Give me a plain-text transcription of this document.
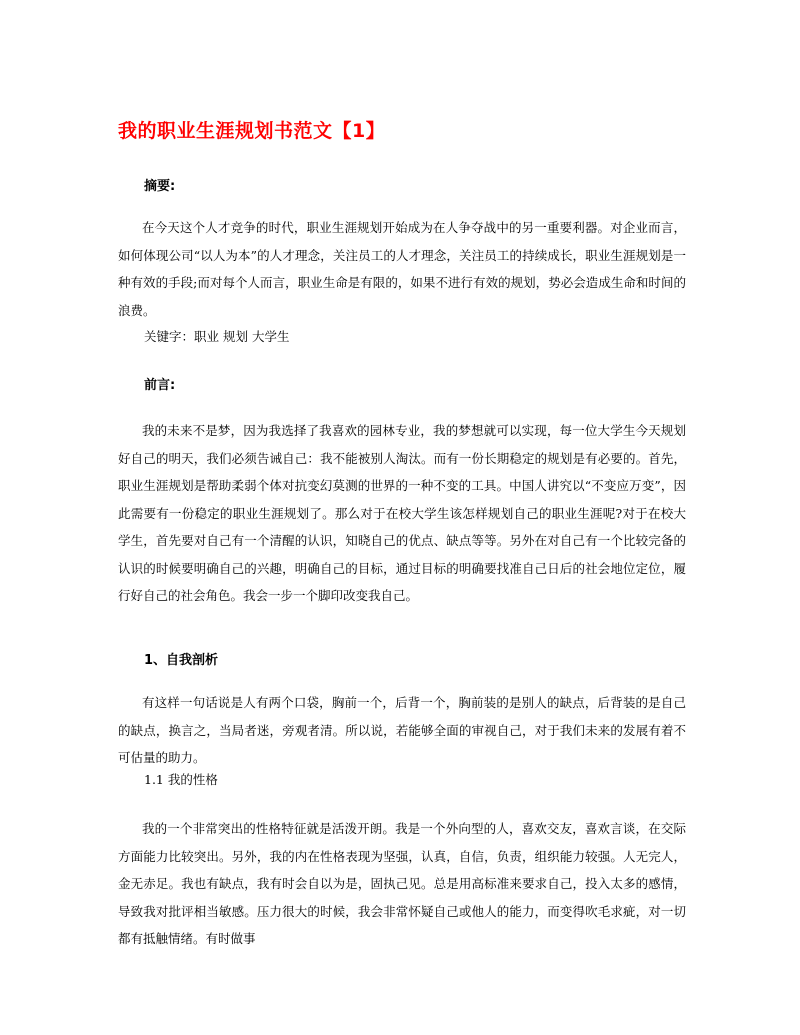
我的职业生涯规划书范文【1】

摘要:

在今天这个人才竞争的时代，职业生涯规划开始成为在人争夺战中的另一重要利器。对企业而言，如何体现公司“以人为本”的人才理念，关注员工的人才理念，关注员工的持续成长，职业生涯规划是一种有效的手段;而对每个人而言，职业生命是有限的，如果不进行有效的规划，势必会造成生命和时间的浪费。

关键字：职业 规划 大学生

前言:

我的未来不是梦，因为我选择了我喜欢的园林专业，我的梦想就可以实现，每一位大学生今天规划好自己的明天，我们必须告诫自己：我不能被别人淘汰。而有一份长期稳定的规划是有必要的。首先，职业生涯规划是帮助柔弱个体对抗变幻莫测的世界的一种不变的工具。中国人讲究以“不变应万变”，因此需要有一份稳定的职业生涯规划了。那么对于在校大学生该怎样规划自己的职业生涯呢?对于在校大学生，首先要对自己有一个清醒的认识，知晓自己的优点、缺点等等。另外在对自己有一个比较完备的认识的时候要明确自己的兴趣，明确自己的目标，通过目标的明确要找准自己日后的社会地位定位，履行好自己的社会角色。我会一步一个脚印改变我自己。

1、自我剖析

有这样一句话说是人有两个口袋，胸前一个，后背一个，胸前装的是别人的缺点，后背装的是自己的缺点，换言之，当局者迷，旁观者清。所以说，若能够全面的审视自己，对于我们未来的发展有着不可估量的助力。

1.1 我的性格

我的一个非常突出的性格特征就是活泼开朗。我是一个外向型的人，喜欢交友，喜欢言谈，在交际方面能力比较突出。另外，我的内在性格表现为坚强，认真，自信，负责，组织能力较强。人无完人，金无赤足。我也有缺点，我有时会自以为是，固执己见。总是用高标准来要求自己，投入太多的感情，导致我对批评相当敏感。压力很大的时候，我会非常怀疑自己或他人的能力，而变得吹毛求疵，对一切都有抵触情绪。有时做事
